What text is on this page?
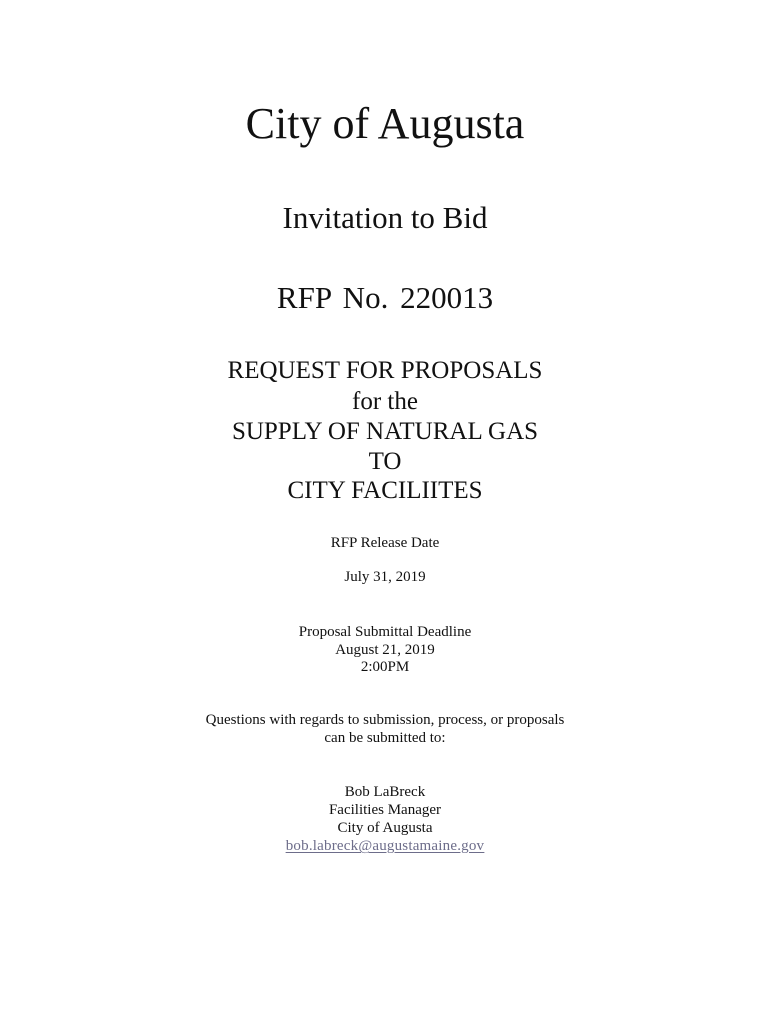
City of Augusta
Invitation to Bid
RFP No. 220013
REQUEST FOR PROPOSALS
for the
SUPPLY OF NATURAL GAS
TO
CITY FACILIITES
RFP Release Date
July 31, 2019
Proposal Submittal Deadline
August 21, 2019
2:00PM
Questions with regards to submission, process, or proposals
can be submitted to:
Bob LaBreck
Facilities Manager
City of Augusta
bob.labreck@augustamaine.gov
